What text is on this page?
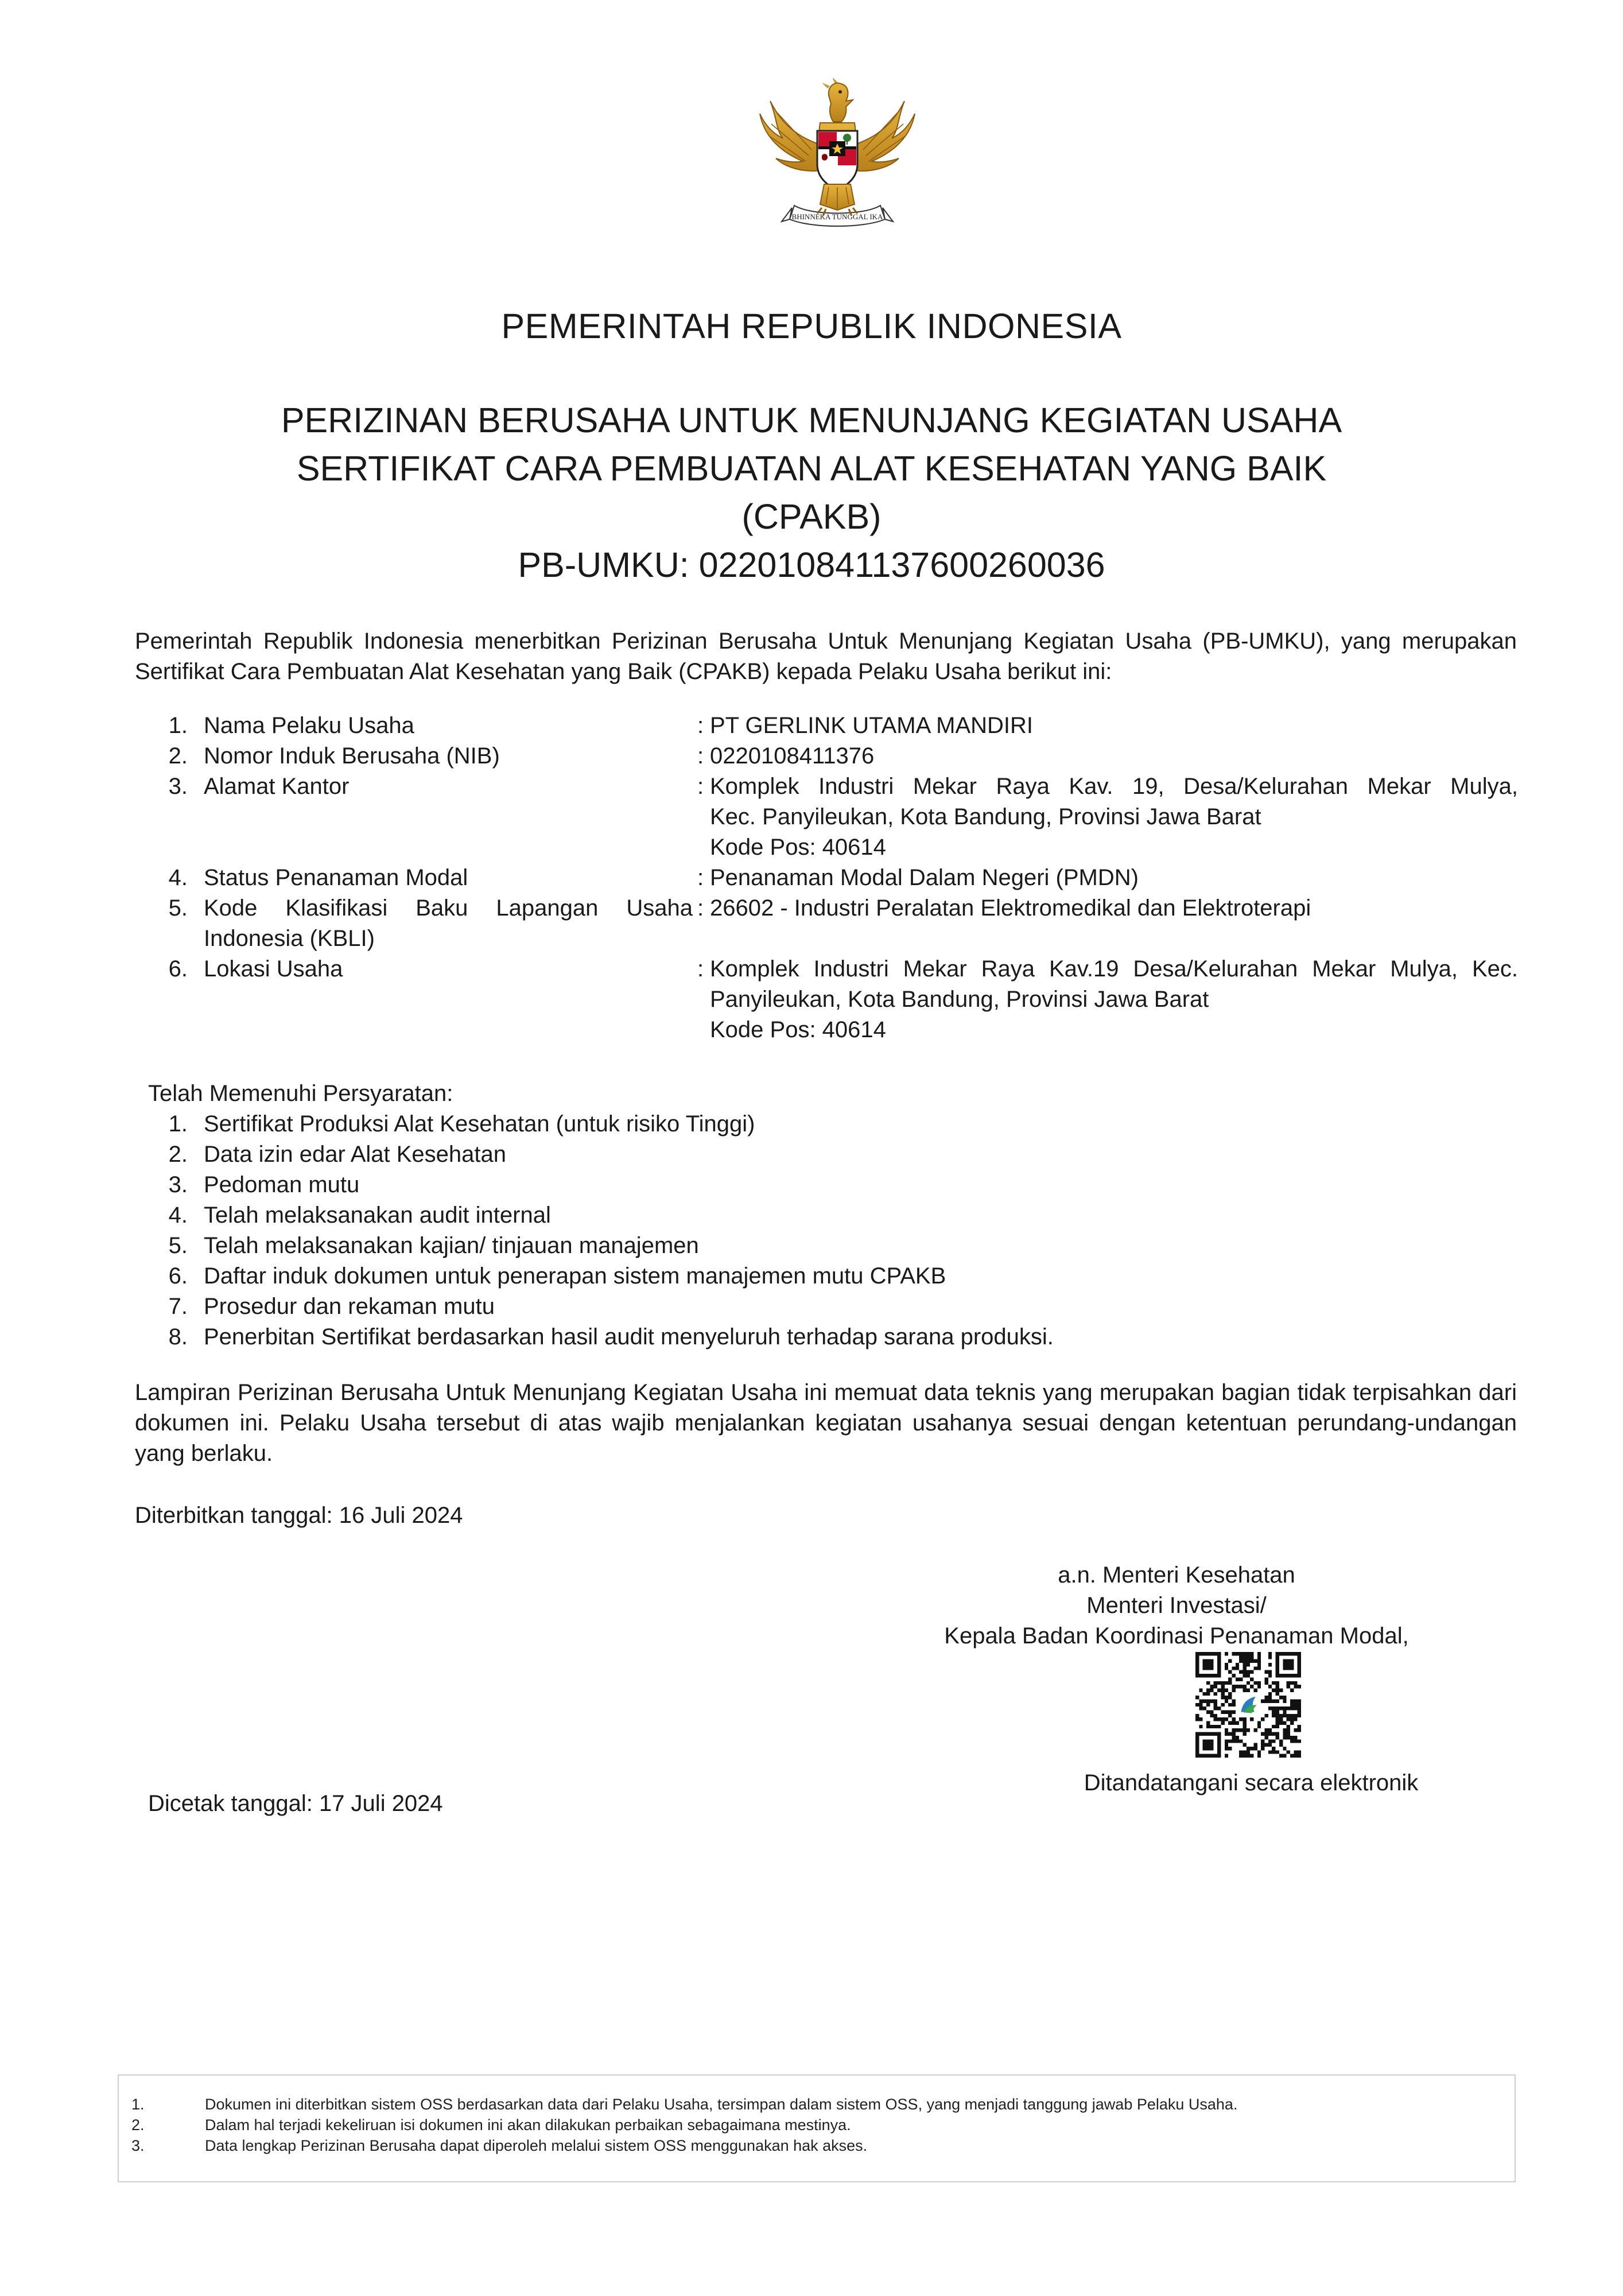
BHINNEKA TUNGGAL IKA
PEMERINTAH REPUBLIK INDONESIA
PERIZINAN BERUSAHA UNTUK MENUNJANG KEGIATAN USAHA
SERTIFIKAT CARA PEMBUATAN ALAT KESEHATAN YANG BAIK
(CPAKB)
PB-UMKU: 022010841137600260036
Pemerintah Republik Indonesia menerbitkan Perizinan Berusaha Untuk Menunjang Kegiatan Usaha (PB-UMKU), yang merupakan Sertifikat Cara Pembuatan Alat Kesehatan yang Baik (CPAKB) kepada Pelaku Usaha berikut ini:
1. Nama Pelaku Usaha	: PT GERLINK UTAMA MANDIRI
2. Nomor Induk Berusaha (NIB)	: 0220108411376
3. Alamat Kantor	: Komplek Industri Mekar Raya Kav. 19, Desa/Kelurahan Mekar Mulya,
Kec. Panyileukan, Kota Bandung, Provinsi Jawa Barat
Kode Pos: 40614
4. Status Penanaman Modal	: Penanaman Modal Dalam Negeri (PMDN)
5. Kode Klasifikasi Baku Lapangan Usaha Indonesia (KBLI)
: 26602 - Industri Peralatan Elektromedikal dan Elektroterapi
6. Lokasi Usaha	: Komplek Industri Mekar Raya Kav.19 Desa/Kelurahan Mekar Mulya, Kec.
Panyileukan, Kota Bandung, Provinsi Jawa Barat
Kode Pos: 40614
Telah Memenuhi Persyaratan:
1. Sertifikat Produksi Alat Kesehatan (untuk risiko Tinggi)
2. Data izin edar Alat Kesehatan
3. Pedoman mutu
4. Telah melaksanakan audit internal
5. Telah melaksanakan kajian/ tinjauan manajemen
6. Daftar induk dokumen untuk penerapan sistem manajemen mutu CPAKB
7. Prosedur dan rekaman mutu
8. Penerbitan Sertifikat berdasarkan hasil audit menyeluruh terhadap sarana produksi.
Lampiran Perizinan Berusaha Untuk Menunjang Kegiatan Usaha ini memuat data teknis yang merupakan bagian tidak terpisahkan dari dokumen ini. Pelaku Usaha tersebut di atas wajib menjalankan kegiatan usahanya sesuai dengan ketentuan perundang-undangan yang berlaku.
Diterbitkan tanggal: 16 Juli 2024
a.n. Menteri Kesehatan
Menteri Investasi/
Kepala Badan Koordinasi Penanaman Modal,
Ditandatangani secara elektronik
Dicetak tanggal: 17 Juli 2024
1.	Dokumen ini diterbitkan sistem OSS berdasarkan data dari Pelaku Usaha, tersimpan dalam sistem OSS, yang menjadi tanggung jawab Pelaku Usaha.
2.	Dalam hal terjadi kekeliruan isi dokumen ini akan dilakukan perbaikan sebagaimana mestinya.
3.	Data lengkap Perizinan Berusaha dapat diperoleh melalui sistem OSS menggunakan hak akses.
